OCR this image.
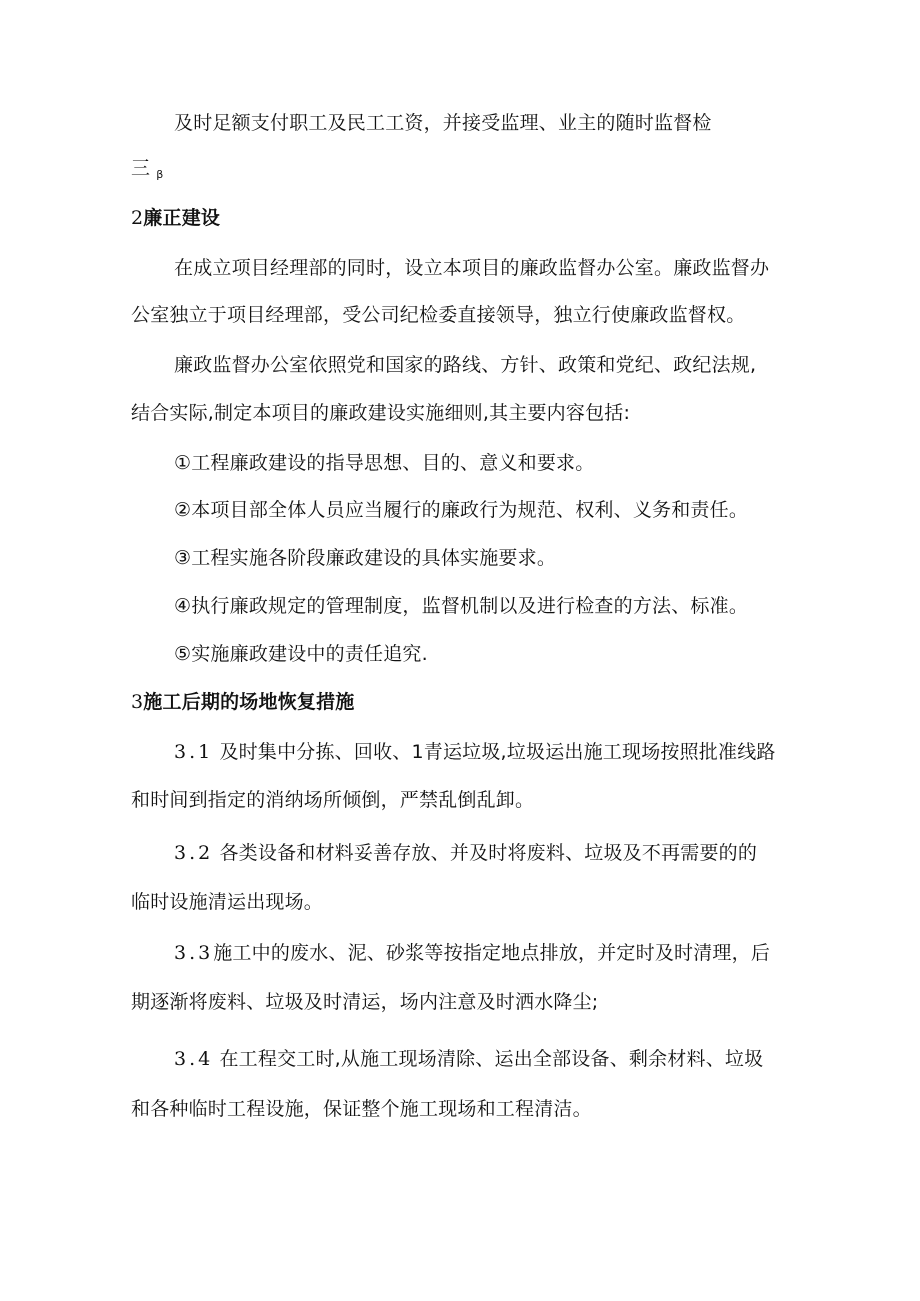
及时足额支付职工及民工工资，并接受监理、业主的随时监督检
三 $_\beta$
2廉正建设
在成立项目经理部的同时，设立本项目的廉政监督办公室。廉政监督办
公室独立于项目经理部，受公司纪检委直接领导，独立行使廉政监督权。
廉政监督办公室依照党和国家的路线、方针、政策和党纪、政纪法规,
结合实际,制定本项目的廉政建设实施细则,其主要内容包括:
①工程廉政建设的指导思想、目的、意义和要求。
②本项目部全体人员应当履行的廉政行为规范、权利、义务和责任。
③工程实施各阶段廉政建设的具体实施要求。
④执行廉政规定的管理制度，监督机制以及进行检查的方法、标准。
⑤实施廉政建设中的责任追究.
3施工后期的场地恢复措施
3.1 及时集中分拣、回收、1青运垃圾,垃圾运出施工现场按照批准线路
和时间到指定的消纳场所倾倒，严禁乱倒乱卸。
3.2 各类设备和材料妥善存放、并及时将废料、垃圾及不再需要的的
临时设施清运出现场。
3.3施工中的废水、泥、砂浆等按指定地点排放，并定时及时清理，后
期逐渐将废料、垃圾及时清运，场内注意及时洒水降尘;
3.4 在工程交工时,从施工现场清除、运出全部设备、剩余材料、垃圾
和各种临时工程设施，保证整个施工现场和工程清洁。
